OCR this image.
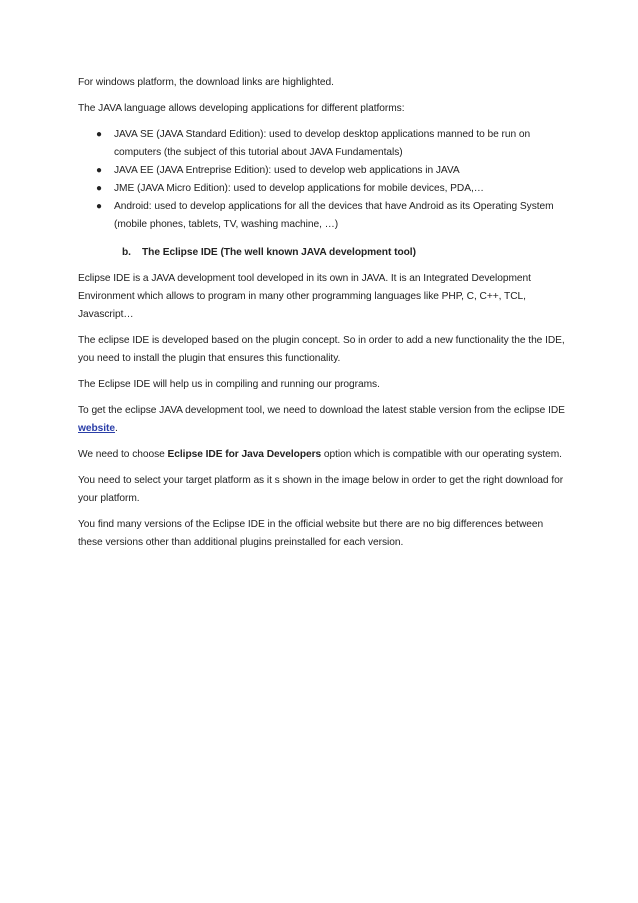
For windows platform, the download links are highlighted.

The JAVA language allows developing applications for different platforms:

● JAVA SE (JAVA Standard Edition): used to develop desktop applications manned to be run on computers (the subject of this tutorial about JAVA Fundamentals)
● JAVA EE (JAVA Entreprise Edition): used to develop web applications in JAVA
● JME (JAVA Micro Edition): used to develop applications for mobile devices, PDA,…
● Android: used to develop applications for all the devices that have Android as its Operating System (mobile phones, tablets, TV, washing machine, …)
b. The Eclipse IDE (The well known JAVA development tool)

Eclipse IDE is a JAVA development tool developed in its own in JAVA. It is an Integrated Development Environment which allows to program in many other programming languages like PHP, C, C++, TCL, Javascript…

The eclipse IDE is developed based on the plugin concept. So in order to add a new functionality the the IDE, you need to install the plugin that ensures this functionality.

The Eclipse IDE will help us in compiling and running our programs.

To get the eclipse JAVA development tool, we need to download the latest stable version from the eclipse IDE website.

We need to choose Eclipse IDE for Java Developers option which is compatible with our operating system.

You need to select your target platform as it s shown in the image below in order to get the right download for your platform.

You find many versions of the Eclipse IDE in the official website but there are no big differences between these versions other than additional plugins preinstalled for each version.
